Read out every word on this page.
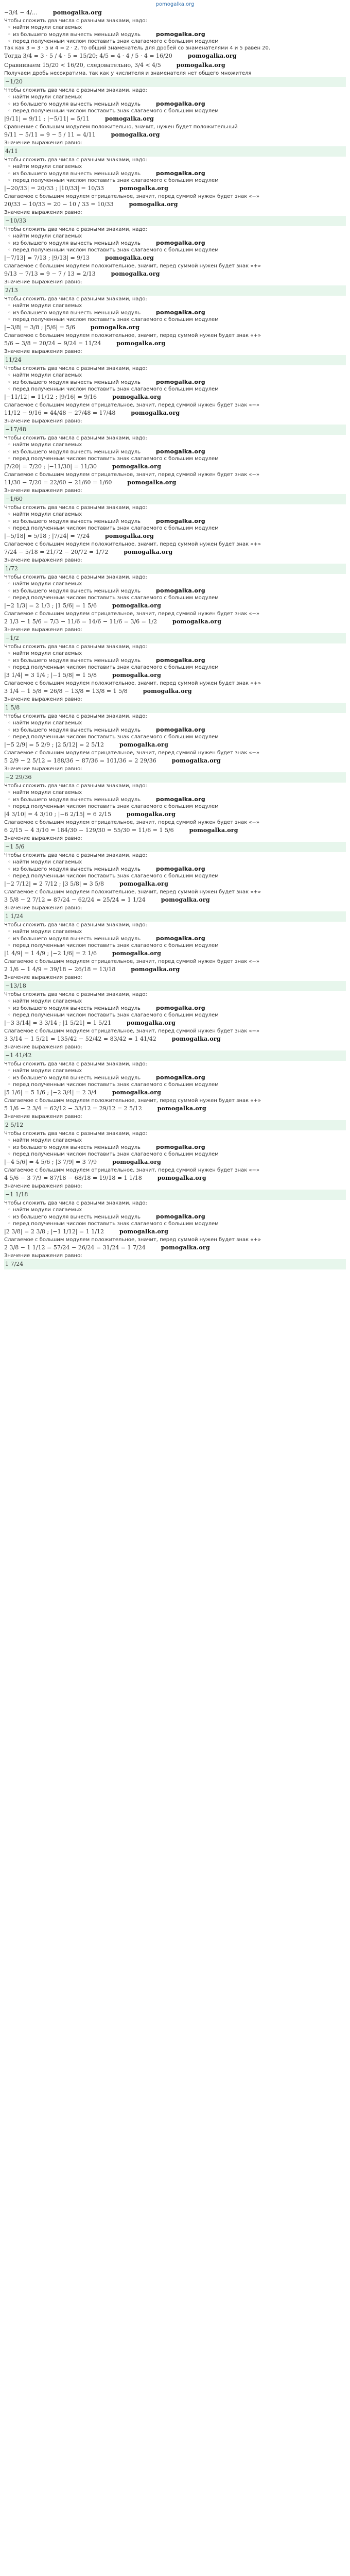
pomogalka.org
−3/4 − 4/…	pomogalka.org
Чтобы сложить два числа с разными знаками, надо:
◦ найти модули слагаемых
◦ из большего модуля вычесть меньший модуль	pomogalka.org
◦ перед полученным числом поставить знак слагаемого с большим модулем
Так как 3 = 3 · 5 и 4 = 2 · 2, то общий знаменатель для дробей со знаменателями 4 и 5 равен 20.
Тогда 3/4 = 3 · 5 / 4 · 5 = 15/20; 4/5 = 4 · 4 / 5 · 4 = 16/20	pomogalka.org
Сравниваем 15/20 < 16/20, следовательно, 3/4 < 4/5	pomogalka.org
Получаем дробь несократима, так как у числителя и знаменателя нет общего множителя
−1/20
Чтобы сложить два числа с разными знаками, надо:
◦ найти модули слагаемых
◦ из большего модуля вычесть меньший модуль	pomogalka.org
◦ перед полученным числом поставить знак слагаемого с большим модулем
|9/11| = 9/11 ; |−5/11| = 5/11	pomogalka.org
Сравнение с большим модулем положительно, значит, нужен будет положительный
9/11 − 5/11 = 9 − 5 / 11 = 4/11	pomogalka.org
Значение выражения равно:
4/11
Чтобы сложить два числа с разными знаками, надо:
◦ найти модули слагаемых
◦ из большего модуля вычесть меньший модуль	pomogalka.org
◦ перед полученным числом поставить знак слагаемого с большим модулем
|−20/33| = 20/33 ; |10/33| = 10/33	pomogalka.org
Слагаемое с большим модулем отрицательное, значит, перед суммой нужен будет знак «−»
20/33 − 10/33 = 20 − 10 / 33 = 10/33	pomogalka.org
Значение выражения равно:
−10/33
Чтобы сложить два числа с разными знаками, надо:
◦ найти модули слагаемых
◦ из большего модуля вычесть меньший модуль	pomogalka.org
◦ перед полученным числом поставить знак слагаемого с большим модулем
|−7/13| = 7/13 ; |9/13| = 9/13	pomogalka.org
Слагаемое с большим модулем положительное, значит, перед суммой нужен будет знак «+»
9/13 − 7/13 = 9 − 7 / 13 = 2/13	pomogalka.org
Значение выражения равно:
2/13
Чтобы сложить два числа с разными знаками, надо:
◦ найти модули слагаемых
◦ из большего модуля вычесть меньший модуль	pomogalka.org
◦ перед полученным числом поставить знак слагаемого с большим модулем
|−3/8| = 3/8 ; |5/6| = 5/6	pomogalka.org
Слагаемое с большим модулем положительное, значит, перед суммой нужен будет знак «+»
5/6 − 3/8 = 20/24 − 9/24 = 11/24	pomogalka.org
Значение выражения равно:
11/24
Чтобы сложить два числа с разными знаками, надо:
◦ найти модули слагаемых
◦ из большего модуля вычесть меньший модуль	pomogalka.org
◦ перед полученным числом поставить знак слагаемого с большим модулем
|−11/12| = 11/12 ; |9/16| = 9/16	pomogalka.org
Слагаемое с большим модулем отрицательное, значит, перед суммой нужен будет знак «−»
11/12 − 9/16 = 44/48 − 27/48 = 17/48	pomogalka.org
Значение выражения равно:
−17/48
Чтобы сложить два числа с разными знаками, надо:
◦ найти модули слагаемых
◦ из большего модуля вычесть меньший модуль	pomogalka.org
◦ перед полученным числом поставить знак слагаемого с большим модулем
|7/20| = 7/20 ; |−11/30| = 11/30	pomogalka.org
Слагаемое с большим модулем отрицательное, значит, перед суммой нужен будет знак «−»
11/30 − 7/20 = 22/60 − 21/60 = 1/60	pomogalka.org
Значение выражения равно:
−1/60
Чтобы сложить два числа с разными знаками, надо:
◦ найти модули слагаемых
◦ из большего модуля вычесть меньший модуль	pomogalka.org
◦ перед полученным числом поставить знак слагаемого с большим модулем
|−5/18| = 5/18 ; |7/24| = 7/24	pomogalka.org
Слагаемое с большим модулем положительное, значит, перед суммой нужен будет знак «+»
7/24 − 5/18 = 21/72 − 20/72 = 1/72	pomogalka.org
Значение выражения равно:
1/72
Чтобы сложить два числа с разными знаками, надо:
◦ найти модули слагаемых
◦ из большего модуля вычесть меньший модуль	pomogalka.org
◦ перед полученным числом поставить знак слагаемого с большим модулем
|−2 1/3| = 2 1/3 ; |1 5/6| = 1 5/6	pomogalka.org
Слагаемое с большим модулем отрицательное, значит, перед суммой нужен будет знак «−»
2 1/3 − 1 5/6 = 7/3 − 11/6 = 14/6 − 11/6 = 3/6 = 1/2	pomogalka.org
Значение выражения равно:
−1/2
Чтобы сложить два числа с разными знаками, надо:
◦ найти модули слагаемых
◦ из большего модуля вычесть меньший модуль	pomogalka.org
◦ перед полученным числом поставить знак слагаемого с большим модулем
|3 1/4| = 3 1/4 ; |−1 5/8| = 1 5/8	pomogalka.org
Слагаемое с большим модулем положительное, значит, перед суммой нужен будет знак «+»
3 1/4 − 1 5/8 = 26/8 − 13/8 = 13/8 = 1 5/8	pomogalka.org
Значение выражения равно:
1 5/8
Чтобы сложить два числа с разными знаками, надо:
◦ найти модули слагаемых
◦ из большего модуля вычесть меньший модуль	pomogalka.org
◦ перед полученным числом поставить знак слагаемого с большим модулем
|−5 2/9| = 5 2/9 ; |2 5/12| = 2 5/12	pomogalka.org
Слагаемое с большим модулем отрицательное, значит, перед суммой нужен будет знак «−»
5 2/9 − 2 5/12 = 188/36 − 87/36 = 101/36 = 2 29/36	pomogalka.org
Значение выражения равно:
−2 29/36
Чтобы сложить два числа с разными знаками, надо:
◦ найти модули слагаемых
◦ из большего модуля вычесть меньший модуль	pomogalka.org
◦ перед полученным числом поставить знак слагаемого с большим модулем
|4 3/10| = 4 3/10 ; |−6 2/15| = 6 2/15	pomogalka.org
Слагаемое с большим модулем отрицательное, значит, перед суммой нужен будет знак «−»
6 2/15 − 4 3/10 = 184/30 − 129/30 = 55/30 = 11/6 = 1 5/6	pomogalka.org
Значение выражения равно:
−1 5/6
Чтобы сложить два числа с разными знаками, надо:
◦ найти модули слагаемых
◦ из большего модуля вычесть меньший модуль	pomogalka.org
◦ перед полученным числом поставить знак слагаемого с большим модулем
|−2 7/12| = 2 7/12 ; |3 5/8| = 3 5/8	pomogalka.org
Слагаемое с большим модулем положительное, значит, перед суммой нужен будет знак «+»
3 5/8 − 2 7/12 = 87/24 − 62/24 = 25/24 = 1 1/24	pomogalka.org
Значение выражения равно:
1 1/24
Чтобы сложить два числа с разными знаками, надо:
◦ найти модули слагаемых
◦ из большего модуля вычесть меньший модуль	pomogalka.org
◦ перед полученным числом поставить знак слагаемого с большим модулем
|1 4/9| = 1 4/9 ; |−2 1/6| = 2 1/6	pomogalka.org
Слагаемое с большим модулем отрицательное, значит, перед суммой нужен будет знак «−»
2 1/6 − 1 4/9 = 39/18 − 26/18 = 13/18	pomogalka.org
Значение выражения равно:
−13/18
Чтобы сложить два числа с разными знаками, надо:
◦ найти модули слагаемых
◦ из большего модуля вычесть меньший модуль	pomogalka.org
◦ перед полученным числом поставить знак слагаемого с большим модулем
|−3 3/14| = 3 3/14 ; |1 5/21| = 1 5/21	pomogalka.org
Слагаемое с большим модулем отрицательное, значит, перед суммой нужен будет знак «−»
3 3/14 − 1 5/21 = 135/42 − 52/42 = 83/42 = 1 41/42	pomogalka.org
Значение выражения равно:
−1 41/42
Чтобы сложить два числа с разными знаками, надо:
◦ найти модули слагаемых
◦ из большего модуля вычесть меньший модуль	pomogalka.org
◦ перед полученным числом поставить знак слагаемого с большим модулем
|5 1/6| = 5 1/6 ; |−2 3/4| = 2 3/4	pomogalka.org
Слагаемое с большим модулем положительное, значит, перед суммой нужен будет знак «+»
5 1/6 − 2 3/4 = 62/12 − 33/12 = 29/12 = 2 5/12	pomogalka.org
Значение выражения равно:
2 5/12
Чтобы сложить два числа с разными знаками, надо:
◦ найти модули слагаемых
◦ из большего модуля вычесть меньший модуль	pomogalka.org
◦ перед полученным числом поставить знак слагаемого с большим модулем
|−4 5/6| = 4 5/6 ; |3 7/9| = 3 7/9	pomogalka.org
Слагаемое с большим модулем отрицательное, значит, перед суммой нужен будет знак «−»
4 5/6 − 3 7/9 = 87/18 − 68/18 = 19/18 = 1 1/18	pomogalka.org
Значение выражения равно:
−1 1/18
Чтобы сложить два числа с разными знаками, надо:
◦ найти модули слагаемых
◦ из большего модуля вычесть меньший модуль	pomogalka.org
◦ перед полученным числом поставить знак слагаемого с большим модулем
|2 3/8| = 2 3/8 ; |−1 1/12| = 1 1/12	pomogalka.org
Слагаемое с большим модулем положительное, значит, перед суммой нужен будет знак «+»
2 3/8 − 1 1/12 = 57/24 − 26/24 = 31/24 = 1 7/24	pomogalka.org
Значение выражения равно:
1 7/24
